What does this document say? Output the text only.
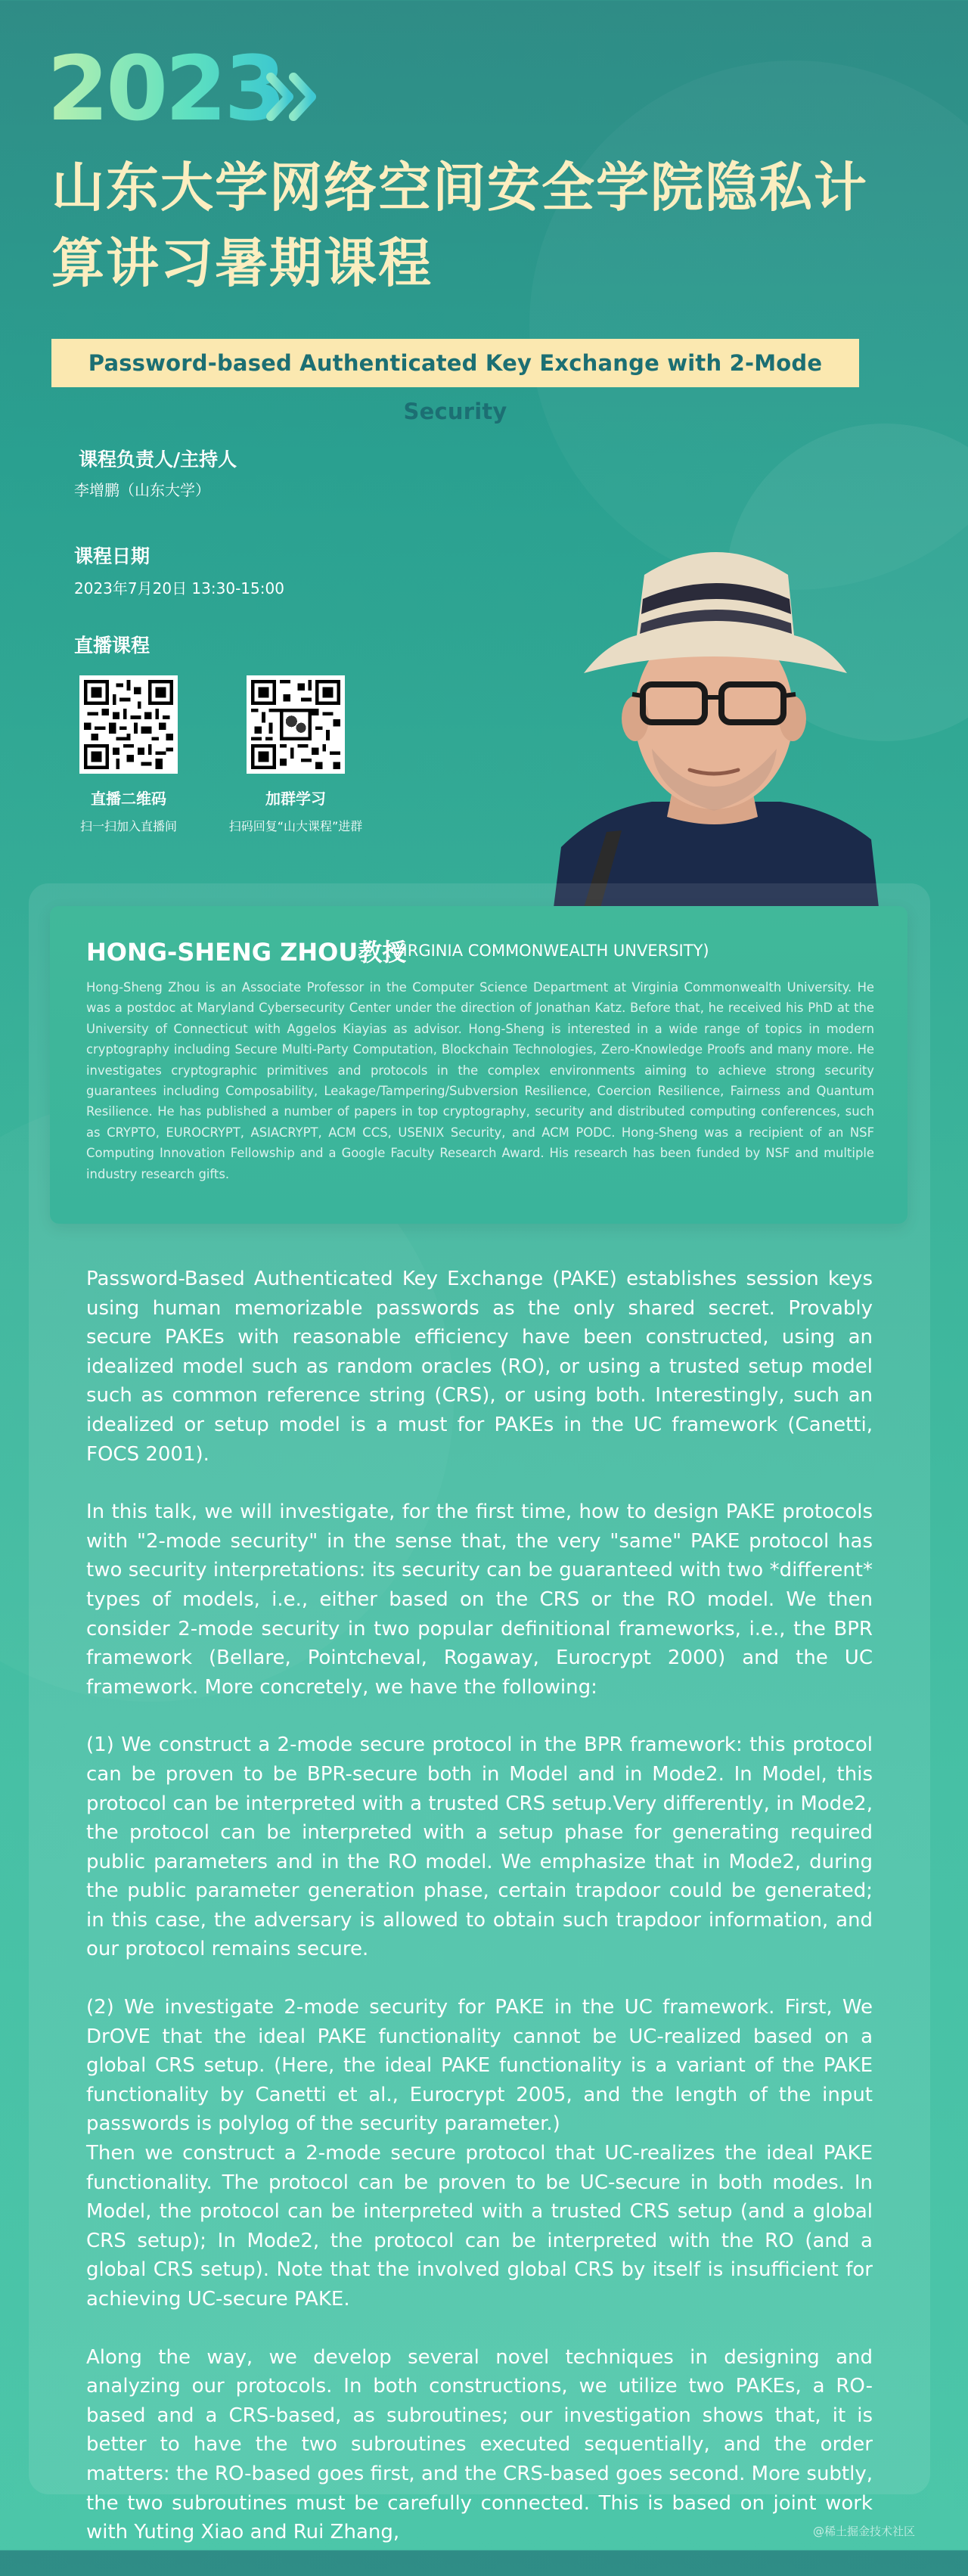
2023
山东大学网络空间安全学院隐私计算讲习暑期课程
Password-based Authenticated Key Exchange with 2-Mode Security
课程负责人/主持人
李增鹏（山东大学）
课程日期
2023年7月20日 13:30-15:00
直播课程
直播二维码
扫一扫加入直播间
加群学习
扫码回复“山大课程”进群
HONG-SHENG ZHOU教授
(VIRGINIA COMMONWEALTH UNVERSITY)
Hong-Sheng Zhou is an Associate Professor in the Computer Science Department at Virginia Commonwealth University. He was a postdoc at Maryland Cybersecurity Center under the direction of Jonathan Katz. Before that, he received his PhD at the University of Connecticut with Aggelos Kiayias as advisor. Hong-Sheng is interested in a wide range of topics in modern cryptography including Secure Multi-Party Computation, Blockchain Technologies, Zero-Knowledge Proofs and many more. He investigates cryptographic primitives and protocols in the complex environments aiming to achieve strong security guarantees including Composability, Leakage/Tampering/Subversion Resilience, Coercion Resilience, Fairness and Quantum Resilience. He has published a number of papers in top cryptography, security and distributed computing conferences, such as CRYPTO, EUROCRYPT, ASIACRYPT, ACM CCS, USENIX Security, and ACM PODC. Hong-Sheng was a recipient of an NSF Computing Innovation Fellowship and a Google Faculty Research Award. His research has been funded by NSF and multiple industry research gifts.

Password-Based Authenticated Key Exchange (PAKE) establishes session keys using human memorizable passwords as the only shared secret. Provably secure PAKEs with reasonable efficiency have been constructed, using an idealized model such as random oracles (RO), or using a trusted setup model such as common reference string (CRS), or using both. Interestingly, such an idealized or setup model is a must for PAKEs in the UC framework (Canetti, FOCS 2001).

In this talk, we will investigate, for the first time, how to design PAKE protocols with "2-mode security" in the sense that, the very "same" PAKE protocol has two security interpretations: its security can be guaranteed with two *different* types of models, i.e., either based on the CRS or the RO model. We then consider 2-mode security in two popular definitional frameworks, i.e., the BPR framework (Bellare, Pointcheval, Rogaway, Eurocrypt 2000) and the UC framework. More concretely, we have the following:

(1) We construct a 2-mode secure protocol in the BPR framework: this protocol can be proven to be BPR-secure both in Model and in Mode2. In Model, this protocol can be interpreted with a trusted CRS setup.Very differently, in Mode2, the protocol can be interpreted with a setup phase for generating required public parameters and in the RO model. We emphasize that in Mode2, during the public parameter generation phase, certain trapdoor could be generated; in this case, the adversary is allowed to obtain such trapdoor information, and our protocol remains secure.

(2) We investigate 2-mode security for PAKE in the UC framework. First, We DrOVE that the ideal PAKE functionality cannot be UC-realized based on a global CRS setup. (Here, the ideal PAKE functionality is a variant of the PAKE functionality by Canetti et al., Eurocrypt 2005, and the length of the input passwords is polylog of the security parameter.)

Then we construct a 2-mode secure protocol that UC-realizes the ideal PAKE functionality. The protocol can be proven to be UC-secure in both modes. In Model, the protocol can be interpreted with a trusted CRS setup (and a global CRS setup); In Mode2, the protocol can be interpreted with the RO (and a global CRS setup). Note that the involved global CRS by itself is insufficient for achieving UC-secure PAKE.

Along the way, we develop several novel techniques in designing and analyzing our protocols. In both constructions, we utilize two PAKEs, a RO-based and a CRS-based, as subroutines; our investigation shows that, it is better to have the two subroutines executed sequentially, and the order matters: the RO-based goes first, and the CRS-based goes second. More subtly, the two subroutines must be carefully connected. This is based on joint work with Yuting Xiao and Rui Zhang,	@稀土掘金技术社区
